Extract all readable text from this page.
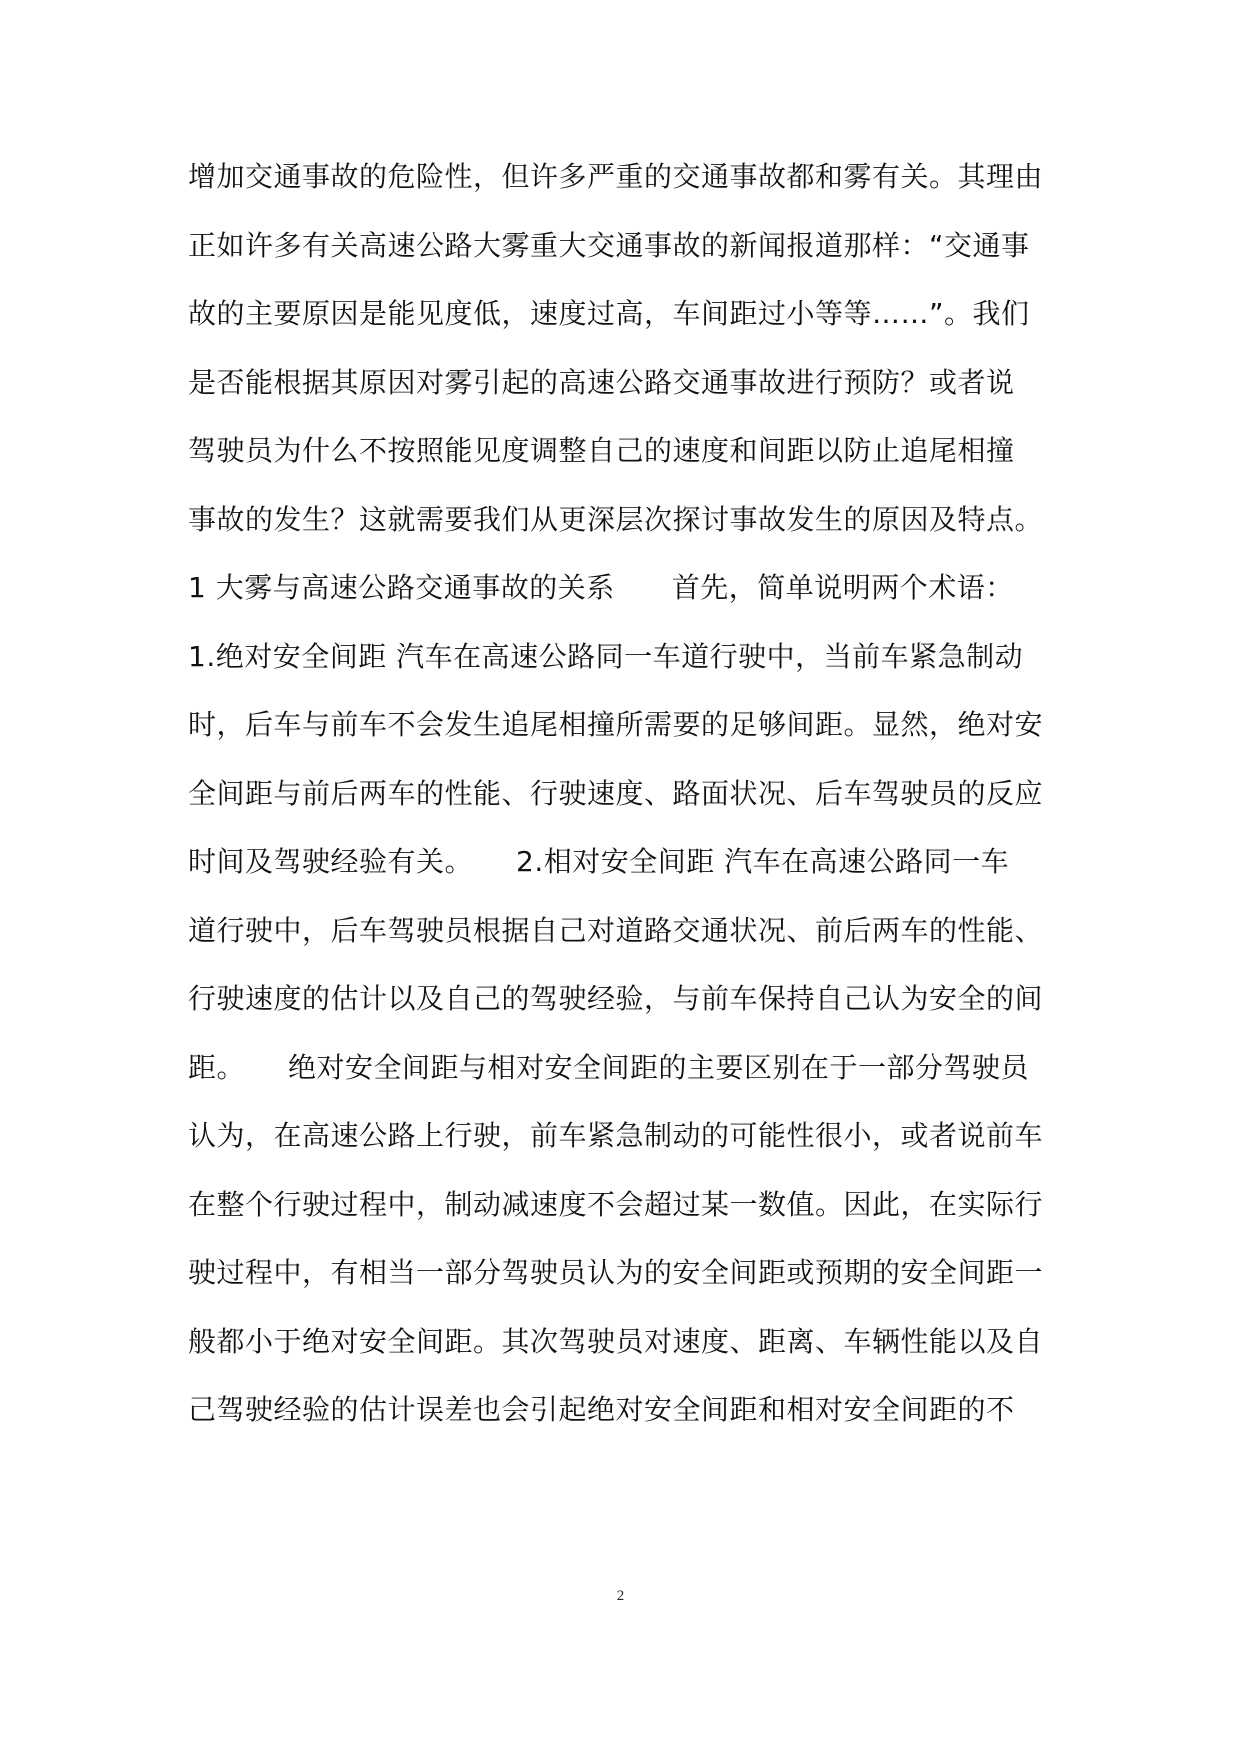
增加交通事故的危险性，但许多严重的交通事故都和雾有关。其理由
正如许多有关高速公路大雾重大交通事故的新闻报道那样：“交通事
故的主要原因是能见度低，速度过高，车间距过小等等……”。我们
是否能根据其原因对雾引起的高速公路交通事故进行预防？或者说
驾驶员为什么不按照能见度调整自己的速度和间距以防止追尾相撞
事故的发生？这就需要我们从更深层次探讨事故发生的原因及特点。
1 大雾与高速公路交通事故的关系　　首先，简单说明两个术语：
1.绝对安全间距 汽车在高速公路同一车道行驶中，当前车紧急制动
时，后车与前车不会发生追尾相撞所需要的足够间距。显然，绝对安
全间距与前后两车的性能、行驶速度、路面状况、后车驾驶员的反应
时间及驾驶经验有关。　　2.相对安全间距 汽车在高速公路同一车
道行驶中，后车驾驶员根据自己对道路交通状况、前后两车的性能、
行驶速度的估计以及自己的驾驶经验，与前车保持自己认为安全的间
距。　　绝对安全间距与相对安全间距的主要区别在于一部分驾驶员
认为，在高速公路上行驶，前车紧急制动的可能性很小，或者说前车
在整个行驶过程中，制动减速度不会超过某一数值。因此，在实际行
驶过程中，有相当一部分驾驶员认为的安全间距或预期的安全间距一
般都小于绝对安全间距。其次驾驶员对速度、距离、车辆性能以及自
己驾驶经验的估计误差也会引起绝对安全间距和相对安全间距的不
2
